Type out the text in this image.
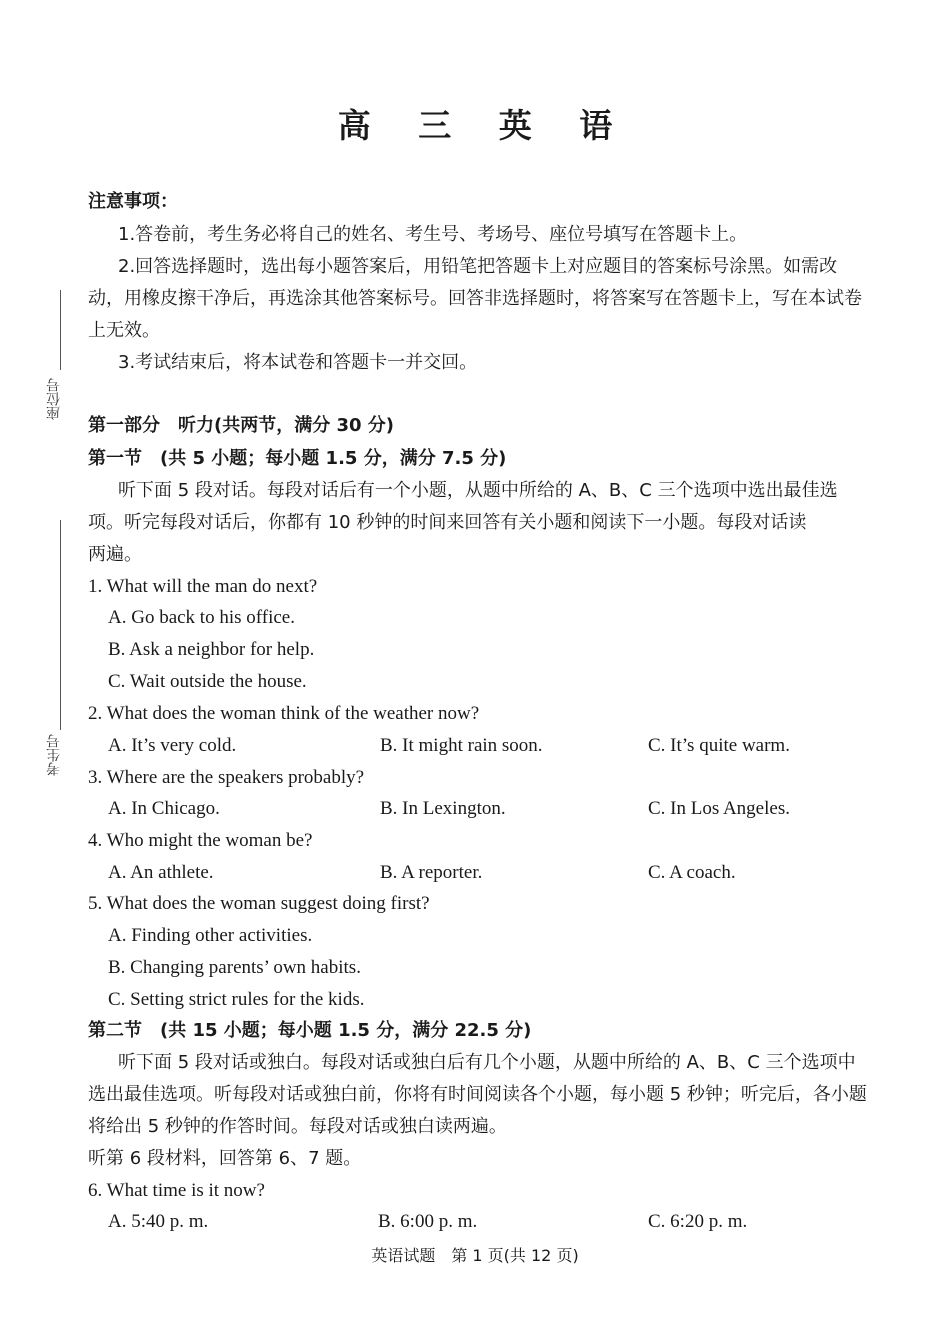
高 三 英 语
注意事项：
1.答卷前，考生务必将自己的姓名、考生号、考场号、座位号填写在答题卡上。
2.回答选择题时，选出每小题答案后，用铅笔把答题卡上对应题目的答案标号涂黑。如需改
动，用橡皮擦干净后，再选涂其他答案标号。回答非选择题时，将答案写在答题卡上，写在本试卷
上无效。
3.考试结束后，将本试卷和答题卡一并交回。
座位号
考生号
第一部分　听力(共两节，满分 30 分)
第一节　(共 5 小题；每小题 1.5 分，满分 7.5 分)
听下面 5 段对话。每段对话后有一个小题，从题中所给的 A、B、C 三个选项中选出最佳选
项。听完每段对话后，你都有 10 秒钟的时间来回答有关小题和阅读下一小题。每段对话读
两遍。
1. What will the man do next?
A. Go back to his office.
B. Ask a neighbor for help.
C. Wait outside the house.
2. What does the woman think of the weather now?
A. It’s very cold.	B. It might rain soon.	C. It’s quite warm.
3. Where are the speakers probably?
A. In Chicago.	B. In Lexington.	C. In Los Angeles.
4. Who might the woman be?
A. An athlete.	B. A reporter.	C. A coach.
5. What does the woman suggest doing first?
A. Finding other activities.
B. Changing parents’ own habits.
C. Setting strict rules for the kids.
第二节　(共 15 小题；每小题 1.5 分，满分 22.5 分)
听下面 5 段对话或独白。每段对话或独白后有几个小题，从题中所给的 A、B、C 三个选项中
选出最佳选项。听每段对话或独白前，你将有时间阅读各个小题，每小题 5 秒钟；听完后，各小题
将给出 5 秒钟的作答时间。每段对话或独白读两遍。
听第 6 段材料，回答第 6、7 题。
6. What time is it now?
A. 5:40 p. m.	B. 6:00 p. m.	C. 6:20 p. m.
英语试题　第 1 页(共 12 页)
